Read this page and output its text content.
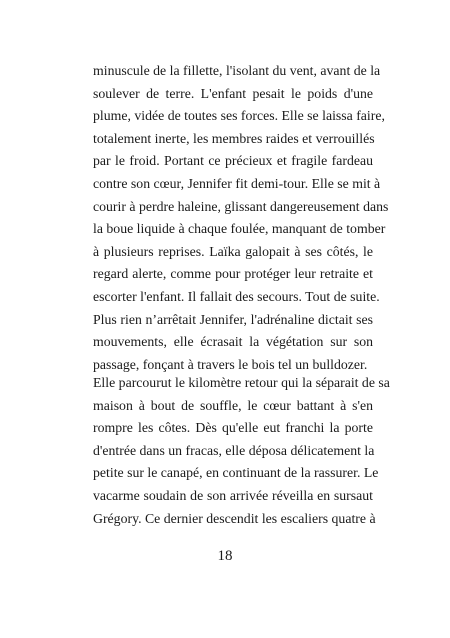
minuscule de la fillette, l'isolant du vent, avant de la
soulever de terre. L'enfant pesait le poids d'une
plume, vidée de toutes ses forces. Elle se laissa faire,
totalement inerte, les membres raides et verrouillés
par le froid. Portant ce précieux et fragile fardeau
contre son cœur, Jennifer fit demi-tour. Elle se mit à
courir à perdre haleine, glissant dangereusement dans
la boue liquide à chaque foulée, manquant de tomber
à plusieurs reprises. Laïka galopait à ses côtés, le
regard alerte, comme pour protéger leur retraite et
escorter l'enfant. Il fallait des secours. Tout de suite.
Plus rien n’arrêtait Jennifer, l'adrénaline dictait ses
mouvements, elle écrasait la végétation sur son
passage, fonçant à travers le bois tel un bulldozer.
Elle parcourut le kilomètre retour qui la séparait de sa
maison à bout de souffle, le cœur battant à s'en
rompre les côtes. Dès qu'elle eut franchi la porte
d'entrée dans un fracas, elle déposa délicatement la
petite sur le canapé, en continuant de la rassurer. Le
vacarme soudain de son arrivée réveilla en sursaut
Grégory. Ce dernier descendit les escaliers quatre à
18
